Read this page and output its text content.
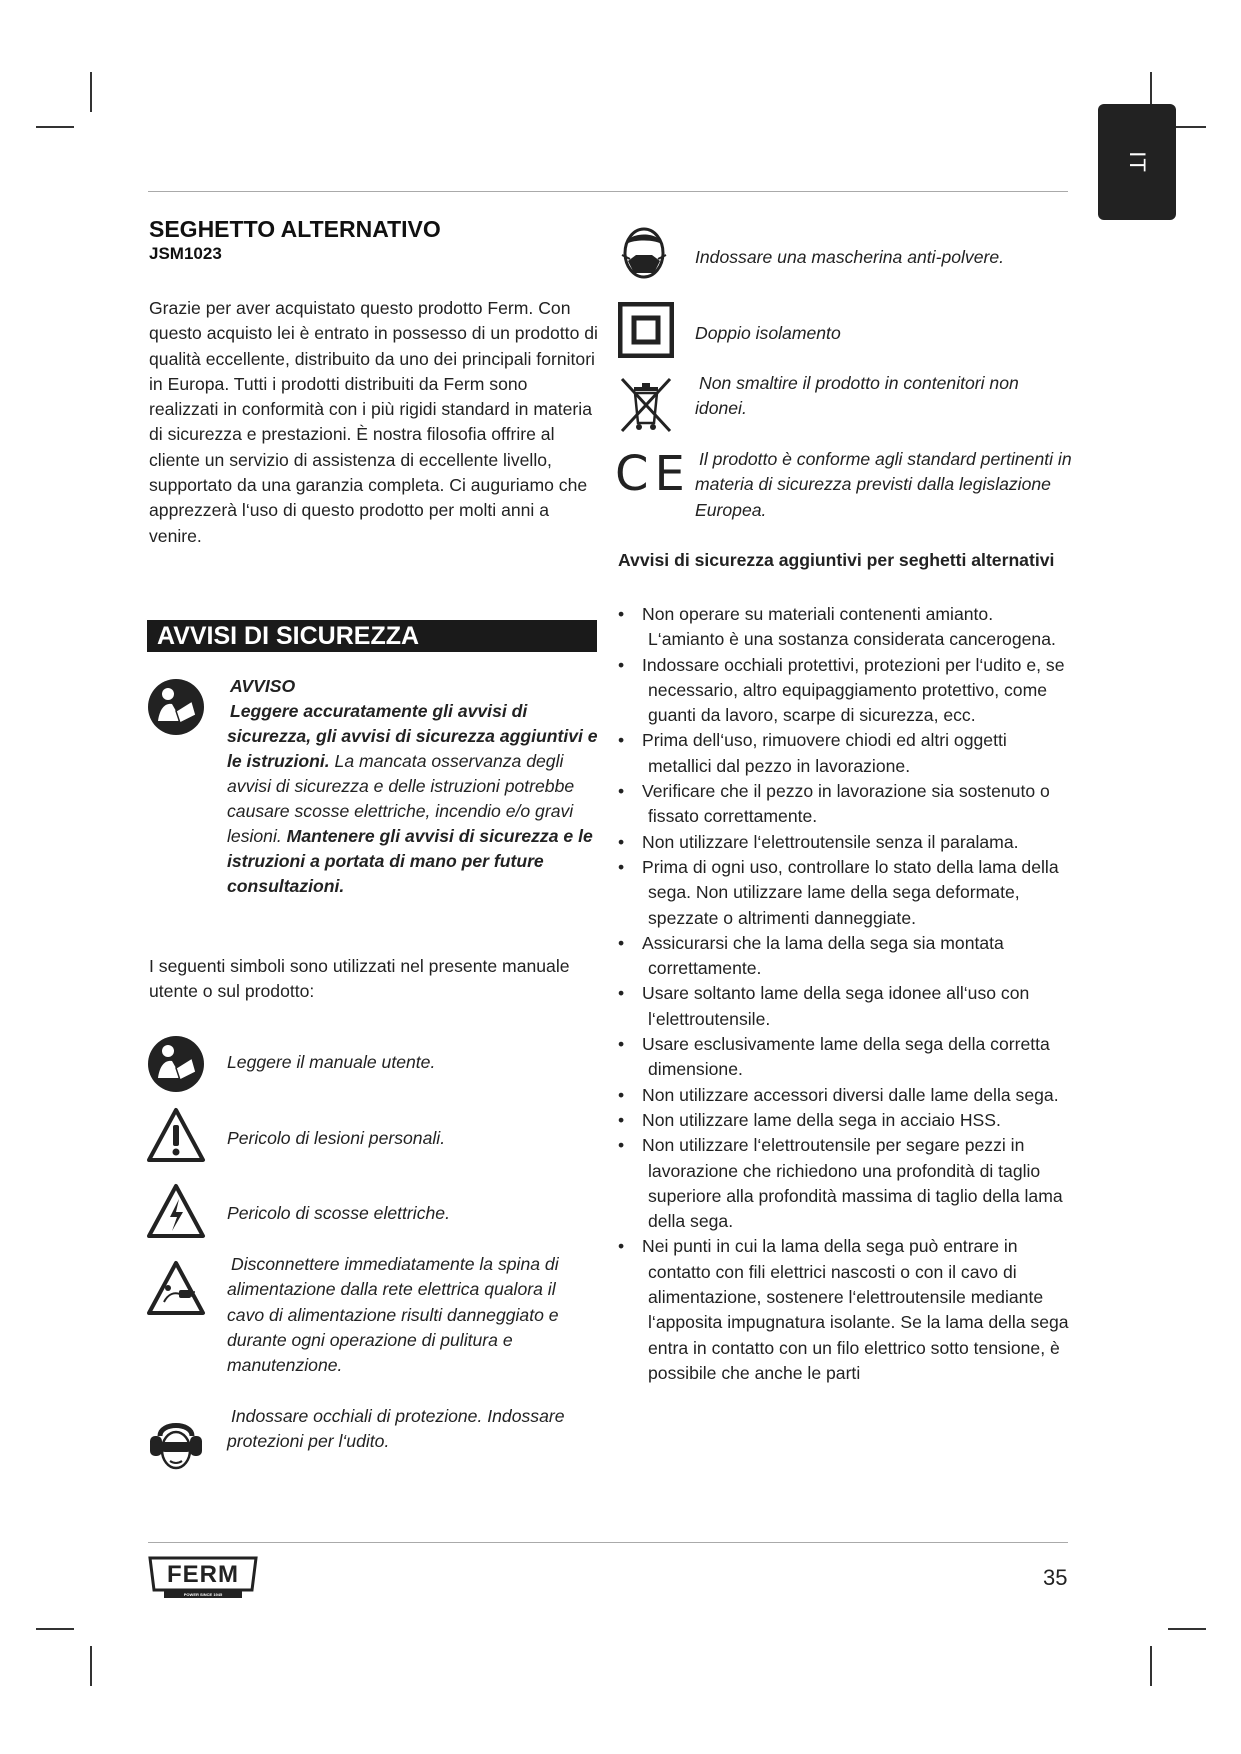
IT
SEGHETTO ALTERNATIVO
JSM1023

Grazie per aver acquistato questo prodotto Ferm. Con questo acquisto lei è entrato in possesso di un prodotto di qualità eccellente, distribuito da uno dei principali fornitori in Europa. Tutti i prodotti distribuiti da Ferm sono realizzati in conformità con i più rigidi standard in materia di sicurezza e prestazioni. È nostra filosofia offrire al cliente un servizio di assistenza di eccellente livello, supportato da una garanzia completa. Ci auguriamo che apprezzerà l‘uso di questo prodotto per molti anni a venire.

AVVISI DI SICUREZZA
AVVISO
Leggere accuratamente gli avvisi di sicurezza, gli avvisi di sicurezza aggiuntivi e le istruzioni. La mancata osservanza degli avvisi di sicurezza e delle istruzioni potrebbe causare scosse elettriche, incendio e/o gravi lesioni. Mantenere gli avvisi di sicurezza e le istruzioni a portata di mano per future consultazioni.

I seguenti simboli sono utilizzati nel presente manuale utente o sul prodotto:

Leggere il manuale utente.

Pericolo di lesioni personali.

Pericolo di scosse elettriche.

Disconnettere immediatamente la spina di alimentazione dalla rete elettrica qualora il cavo di alimentazione risulti danneggiato e durante ogni operazione di pulitura e manutenzione.

Indossare occhiali di protezione. Indossare protezioni per l‘udito.

Indossare una mascherina anti-polvere.

Doppio isolamento

Non smaltire il prodotto in contenitori non idonei.

CE Il prodotto è conforme agli standard pertinenti in materia di sicurezza previsti dalla legislazione Europea.

Avvisi di sicurezza aggiuntivi per seghetti alternativi

• Non operare su materiali contenenti amianto. L‘amianto è una sostanza considerata cancerogena.
• Indossare occhiali protettivi, protezioni per l‘udito e, se necessario, altro equipaggiamento protettivo, come guanti da lavoro, scarpe di sicurezza, ecc.
• Prima dell‘uso, rimuovere chiodi ed altri oggetti metallici dal pezzo in lavorazione.
• Verificare che il pezzo in lavorazione sia sostenuto o fissato correttamente.
• Non utilizzare l‘elettroutensile senza il paralama.
• Prima di ogni uso, controllare lo stato della lama della sega. Non utilizzare lame della sega deformate, spezzate o altrimenti danneggiate.
• Assicurarsi che la lama della sega sia montata correttamente.
• Usare soltanto lame della sega idonee all‘uso con l‘elettroutensile.
• Usare esclusivamente lame della sega della corretta dimensione.
• Non utilizzare accessori diversi dalle lame della sega.
• Non utilizzare lame della sega in acciaio HSS.
• Non utilizzare l‘elettroutensile per segare pezzi in lavorazione che richiedono una profondità di taglio superiore alla profondità massima di taglio della lama della sega.
• Nei punti in cui la lama della sega può entrare in contatto con fili elettrici nascosti o con il cavo di alimentazione, sostenere l‘elettroutensile mediante l‘apposita impugnatura isolante. Se la lama della sega entra in contatto con un filo elettrico sotto tensione, è possibile che anche le parti
FERM
POWER SINCE 1945
35
